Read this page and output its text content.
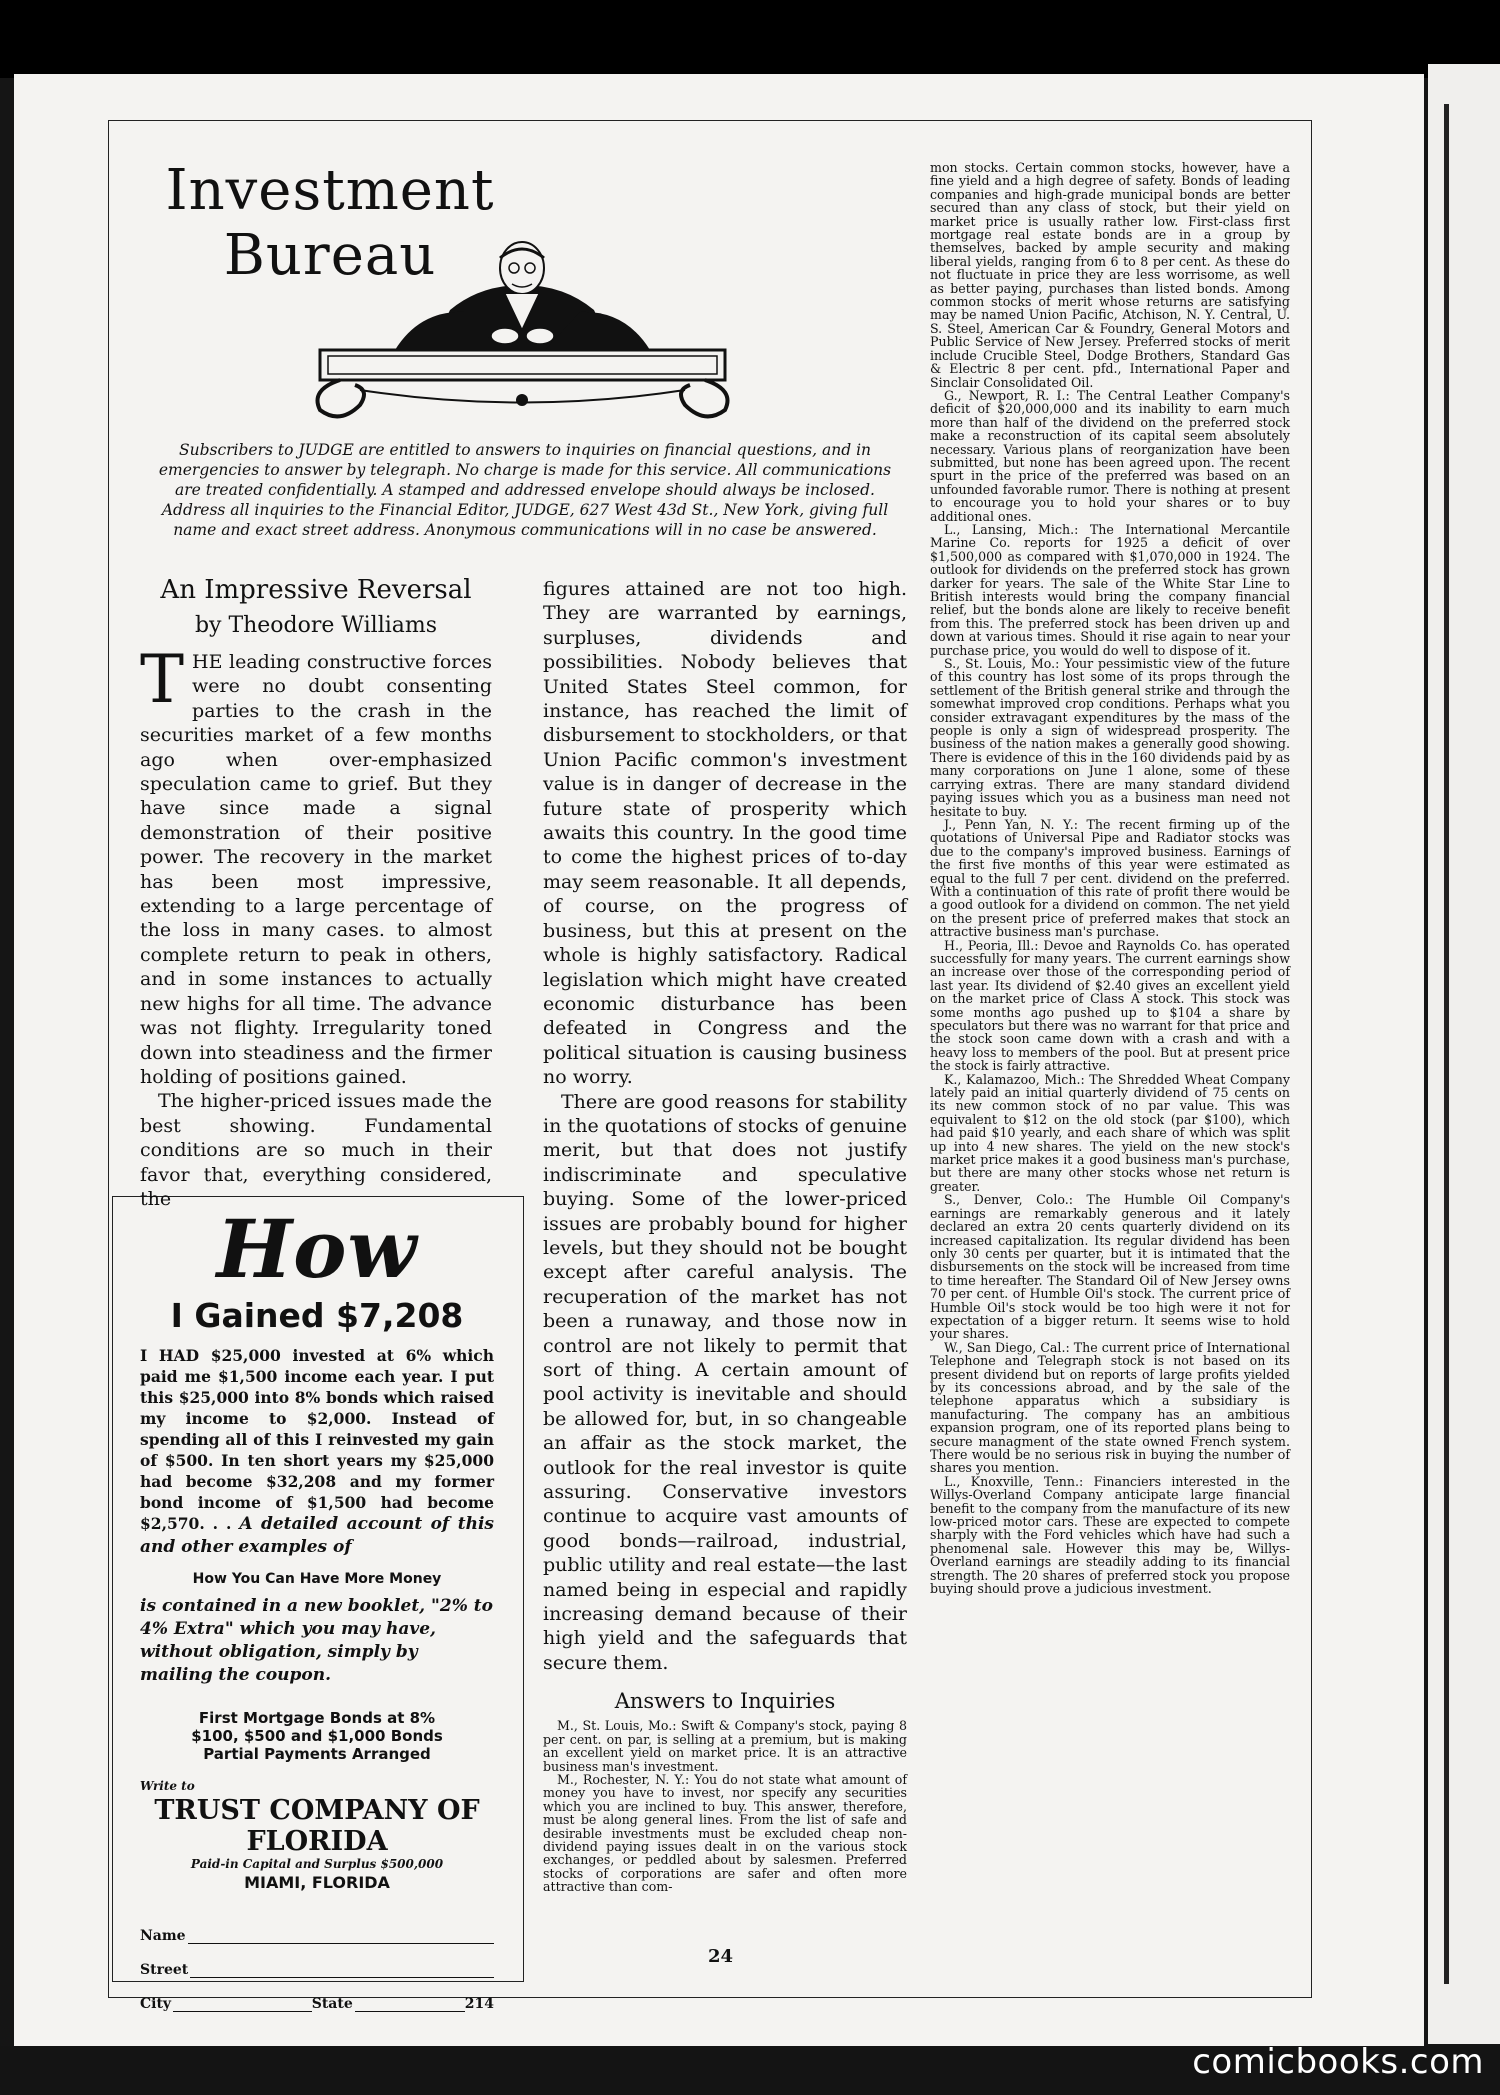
Investment Bureau
Subscribers to JUDGE are entitled to answers to inquiries on financial questions, and in emergencies to answer by telegraph. No charge is made for this service. All communications are treated confidentially. A stamped and addressed envelope should always be inclosed. Address all inquiries to the Financial Editor, JUDGE, 627 West 43d St., New York, giving full name and exact street address. Anonymous communications will in no case be answered.
An Impressive Reversal
by Theodore Williams

THE leading constructive forces were no doubt consenting parties to the crash in the securities market of a few months ago when over-emphasized speculation came to grief. But they have since made a signal demonstration of their positive power. The recovery in the market has been most impressive, extending to a large percentage of the loss in many cases. to almost complete return to peak in others, and in some instances to actually new highs for all time. The advance was not flighty. Irregularity toned down into steadiness and the firmer holding of positions gained.

The higher-priced issues made the best showing. Fundamental conditions are so much in their favor that, everything considered, the

figures attained are not too high. They are warranted by earnings, surpluses, dividends and possibilities. Nobody believes that United States Steel common, for instance, has reached the limit of disbursement to stockholders, or that Union Pacific common's investment value is in danger of decrease in the future state of prosperity which awaits this country. In the good time to come the highest prices of to-day may seem reasonable. It all depends, of course, on the progress of business, but this at present on the whole is highly satisfactory. Radical legislation which might have created economic disturbance has been defeated in Congress and the political situation is causing business no worry.

There are good reasons for stability in the quotations of stocks of genuine merit, but that does not justify indiscriminate and speculative buying. Some of the lower-priced issues are probably bound for higher levels, but they should not be bought except after careful analysis. The recuperation of the market has not been a runaway, and those now in control are not likely to permit that sort of thing. A certain amount of pool activity is inevitable and should be allowed for, but, in so changeable an affair as the stock market, the outlook for the real investor is quite assuring. Conservative investors continue to acquire vast amounts of good bonds—railroad, industrial, public utility and real estate—the last named being in especial and rapidly increasing demand because of their high yield and the safeguards that secure them.

Answers to Inquiries

M., St. Louis, Mo.: Swift & Company's stock, paying 8 per cent. on par, is selling at a premium, but is making an excellent yield on market price. It is an attractive business man's investment.

M., Rochester, N. Y.: You do not state what amount of money you have to invest, nor specify any securities which you are inclined to buy. This answer, therefore, must be along general lines. From the list of safe and desirable investments must be excluded cheap non-dividend paying issues dealt in on the various stock exchanges, or peddled about by salesmen. Preferred stocks of corporations are safer and often more attractive than com-

mon stocks. Certain common stocks, however, have a fine yield and a high degree of safety. Bonds of leading companies and high-grade municipal bonds are better secured than any class of stock, but their yield on market price is usually rather low. First-class first mortgage real estate bonds are in a group by themselves, backed by ample security and making liberal yields, ranging from 6 to 8 per cent. As these do not fluctuate in price they are less worrisome, as well as better paying, purchases than listed bonds. Among common stocks of merit whose returns are satisfying may be named Union Pacific, Atchison, N. Y. Central, U. S. Steel, American Car & Foundry, General Motors and Public Service of New Jersey. Preferred stocks of merit include Crucible Steel, Dodge Brothers, Standard Gas & Electric 8 per cent. pfd., International Paper and Sinclair Consolidated Oil.

G., Newport, R. I.: The Central Leather Company's deficit of $20,000,000 and its inability to earn much more than half of the dividend on the preferred stock make a reconstruction of its capital seem absolutely necessary. Various plans of reorganization have been submitted, but none has been agreed upon. The recent spurt in the price of the preferred was based on an unfounded favorable rumor. There is nothing at present to encourage you to hold your shares or to buy additional ones.

L., Lansing, Mich.: The International Mercantile Marine Co. reports for 1925 a deficit of over $1,500,000 as compared with $1,070,000 in 1924. The outlook for dividends on the preferred stock has grown darker for years. The sale of the White Star Line to British interests would bring the company financial relief, but the bonds alone are likely to receive benefit from this. The preferred stock has been driven up and down at various times. Should it rise again to near your purchase price, you would do well to dispose of it.

S., St. Louis, Mo.: Your pessimistic view of the future of this country has lost some of its props through the settlement of the British general strike and through the somewhat improved crop conditions. Perhaps what you consider extravagant expenditures by the mass of the people is only a sign of widespread prosperity. The business of the nation makes a generally good showing. There is evidence of this in the 160 dividends paid by as many corporations on June 1 alone, some of these carrying extras. There are many standard dividend paying issues which you as a business man need not hesitate to buy.

J., Penn Yan, N. Y.: The recent firming up of the quotations of Universal Pipe and Radiator stocks was due to the company's improved business. Earnings of the first five months of this year were estimated as equal to the full 7 per cent. dividend on the preferred. With a continuation of this rate of profit there would be a good outlook for a dividend on common. The net yield on the present price of preferred makes that stock an attractive business man's purchase.

H., Peoria, Ill.: Devoe and Raynolds Co. has operated successfully for many years. The current earnings show an increase over those of the corresponding period of last year. Its dividend of $2.40 gives an excellent yield on the market price of Class A stock. This stock was some months ago pushed up to $104 a share by speculators but there was no warrant for that price and the stock soon came down with a crash and with a heavy loss to members of the pool. But at present price the stock is fairly attractive.

K., Kalamazoo, Mich.: The Shredded Wheat Company lately paid an initial quarterly dividend of 75 cents on its new common stock of no par value. This was equivalent to $12 on the old stock (par $100), which had paid $10 yearly, and each share of which was split up into 4 new shares. The yield on the new stock's market price makes it a good business man's purchase, but there are many other stocks whose net return is greater.

S., Denver, Colo.: The Humble Oil Company's earnings are remarkably generous and it lately declared an extra 20 cents quarterly dividend on its increased capitalization. Its regular dividend has been only 30 cents per quarter, but it is intimated that the disbursements on the stock will be increased from time to time hereafter. The Standard Oil of New Jersey owns 70 per cent. of Humble Oil's stock. The current price of Humble Oil's stock would be too high were it not for expectation of a bigger return. It seems wise to hold your shares.

W., San Diego, Cal.: The current price of International Telephone and Telegraph stock is not based on its present dividend but on reports of large profits yielded by its concessions abroad, and by the sale of the telephone apparatus which a subsidiary is manufacturing. The company has an ambitious expansion program, one of its reported plans being to secure managment of the state owned French system. There would be no serious risk in buying the number of shares you mention.

L., Knoxville, Tenn.: Financiers interested in the Willys-Overland Company anticipate large financial benefit to the company from the manufacture of its new low-priced motor cars. These are expected to compete sharply with the Ford vehicles which have had such a phenomenal sale. However this may be, Willys-Overland earnings are steadily adding to its financial strength. The 20 shares of preferred stock you propose buying should prove a judicious investment.

How
I Gained $7,208
I HAD $25,000 invested at 6% which paid me $1,500 income each year. I put this $25,000 into 8% bonds which raised my income to $2,000. Instead of spending all of this I reinvested my gain of $500. In ten short years my $25,000 had become $32,208 and my former bond income of $1,500 had become $2,570. . . A detailed account of this and other examples of
How You Can Have More Money
is contained in a new booklet, "2% to 4% Extra" which you may have, without obligation, simply by mailing the coupon.
First Mortgage Bonds at 8%
$100, $500 and $1,000 Bonds
Partial Payments Arranged
Write to
TRUST COMPANY OF FLORIDA
Paid-in Capital and Surplus $500,000
MIAMI, FLORIDA
Name
Street
City	State	214
24
comicbooks.com
